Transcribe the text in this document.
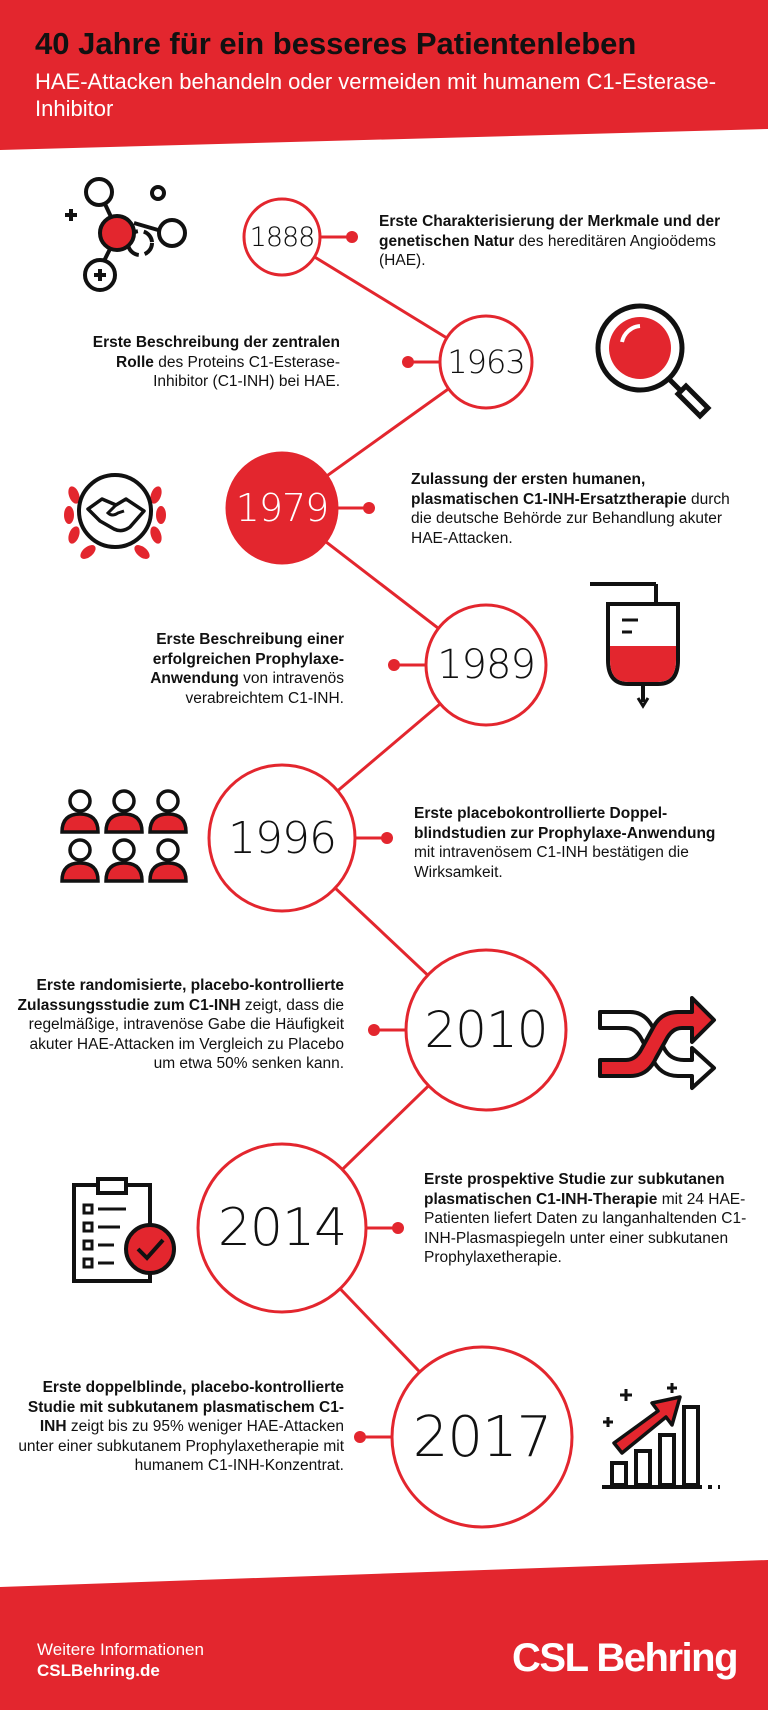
40 Jahre für ein besseres Patientenleben
HAE-Attacken behandeln oder vermeiden mit humanem C1-Esterase-Inhibitor
1888	Erste Charakterisierung der Merkmale und der genetischen Natur des hereditären Angioödems (HAE).
1963
Erste Beschreibung der zentralen Rolle des Proteins C1-Esterase-Inhibitor (C1-INH) bei HAE.
1979
Zulassung der ersten humanen, plasmatischen C1-INH-Ersatztherapie durch die deutsche Behörde zur Behandlung akuter HAE-Attacken.
1989
Erste Beschreibung einer erfolgreichen Prophylaxe-Anwendung von intravenös verabreichtem C1-INH.
1996	Erste placebokontrollierte Doppel-blindstudien zur Prophylaxe-Anwendung mit intravenösem C1-INH bestätigen die Wirksamkeit.
2010
Erste randomisierte, placebo-kontrollierte Zulassungsstudie zum C1-INH zeigt, dass die regelmäßige, intravenöse Gabe die Häufigkeit akuter HAE-Attacken im Vergleich zu Placebo um etwa 50% senken kann.
2014
Erste prospektive Studie zur subkutanen plasmatischen C1-INH-Therapie mit 24 HAE-Patienten liefert Daten zu langanhaltenden C1-INH-Plasmaspiegeln unter einer subkutanen Prophylaxetherapie.
2017
Erste doppelblinde, placebo-kontrollierte Studie mit subkutanem plasmatischem C1-INH zeigt bis zu 95% weniger HAE-Attacken unter einer subkutanem Prophylaxetherapie mit humanem C1-INH-Konzentrat.
Weitere Informationen
CSLBehring.de	CSL Behring
